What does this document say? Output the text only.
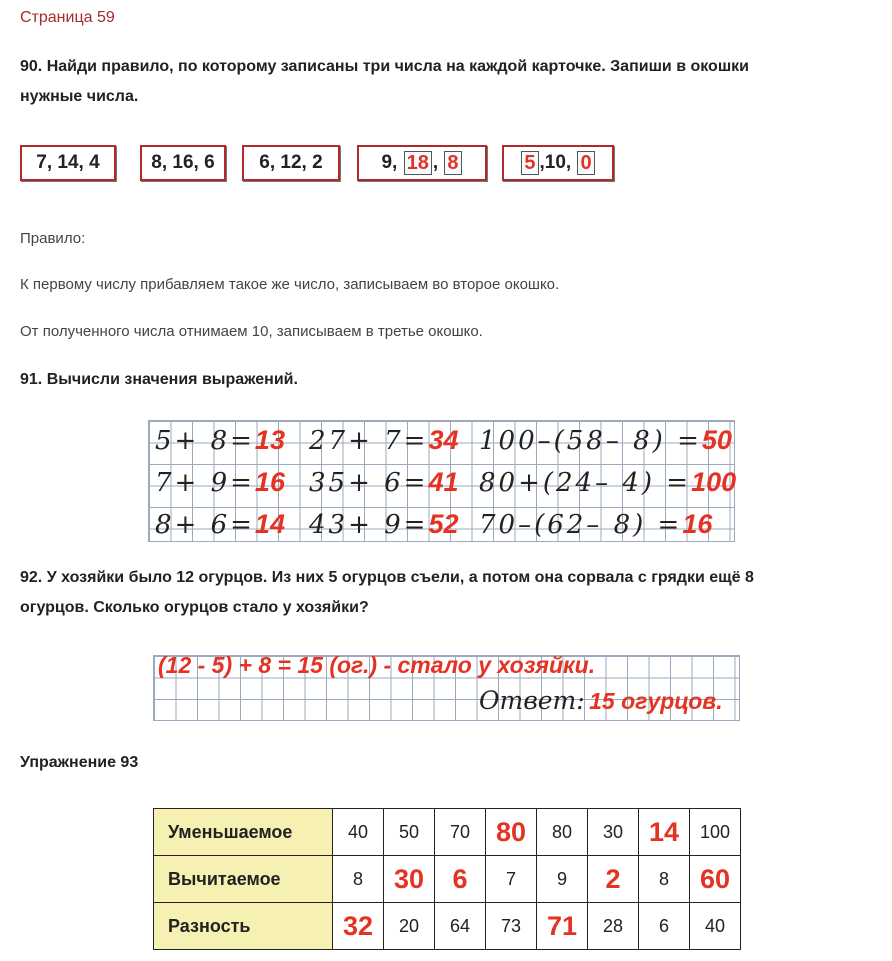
Страница 59
90. Найди правило, по которому записаны три числа на каждой карточке. Запиши в окошки
нужные числа.
7, 14, 4	8, 16, 6 6, 12, 2	9,
18 ,
8	5 ,10,
0
Правило:
К первому числу прибавляем такое же число, записываем во второе окошко.
От полученного числа отнимаем 10, записываем в третье окошко.
91. Вычисли значения выражений.
5+ 8=13 27+ 7=34 100–(58– 8) =50
7+ 9=16 35+ 6=41 80+(24– 4) =100
8+ 6=14 43+ 9=52 70–(62– 8) =16
92. У хозяйки было 12 огурцов. Из них 5 огурцов съели, а потом она сорвала с грядки ещё 8
огурцов. Сколько огурцов стало у хозяйки?
(12 - 5) + 8 = 15 (ог.) - стало у хозяйки.
Ответ: 15 огурцов.
Упражнение 93
Уменьшаемое	40	50	70	80	80	30	14	100
Вычитаемое	8	30	6	7	9	2	8	60
Разность	32	20	64	73	71	28	6	40
